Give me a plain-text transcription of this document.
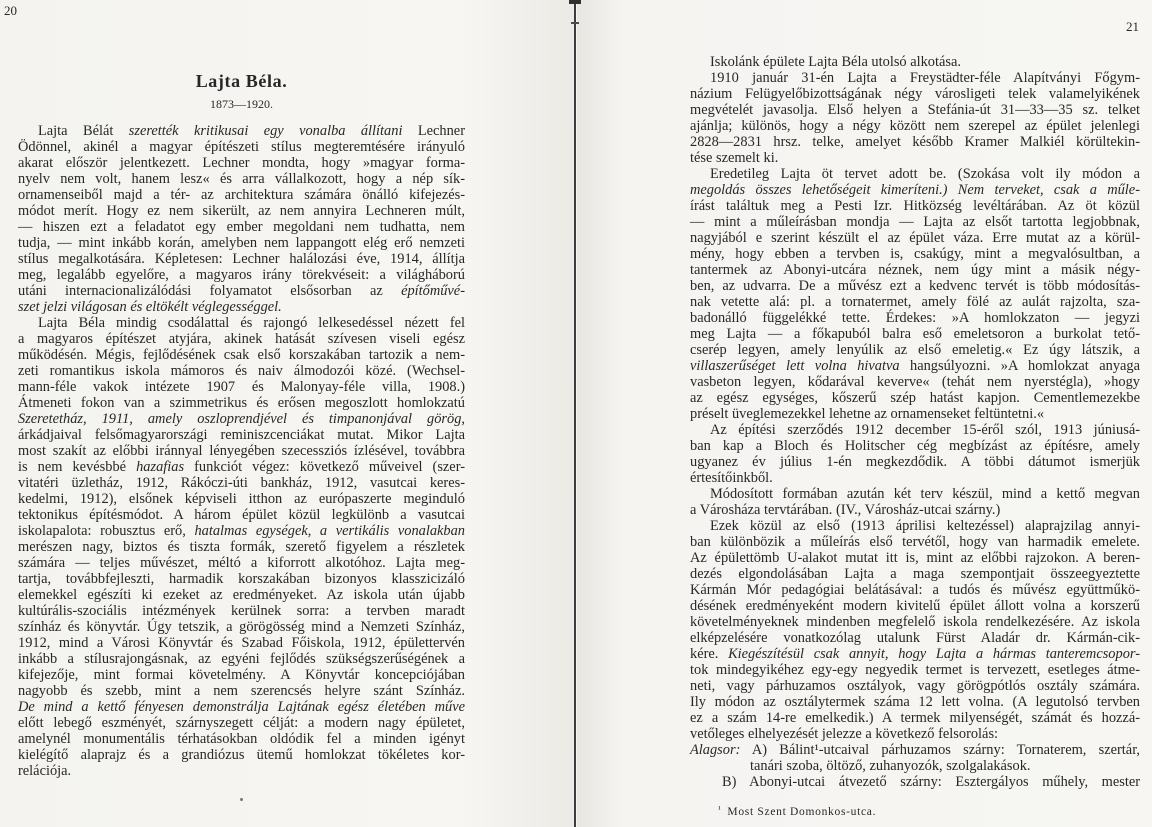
20
21
Lajta Béla.
1873—1920.
Lajta Bélát szerették kritikusai egy vonalba állítani Lechner
Ödönnel, akinél a magyar építészeti stílus megteremtésére irányuló
akarat először jelentkezett. Lechner mondta, hogy »magyar forma-
nyelv nem volt, hanem lesz« és arra vállalkozott, hogy a nép sík-
ornamenseiből majd a tér- az architektura számára önálló kifejezés-
módot merít. Hogy ez nem sikerült, az nem annyira Lechneren múlt,
— hiszen ezt a feladatot egy ember megoldani nem tudhatta, nem
tudja, — mint inkább korán, amelyben nem lappangott elég erő nemzeti
stílus megalkotására. Képletesen: Lechner halálozási éve, 1914, állítja
meg, legalább egyelőre, a magyaros irány törekvéseit: a világháború
utáni internacionalizálódási folyamatot elsősorban az építőművé-
szet jelzi világosan és eltökélt véglegességgel.
Lajta Béla mindig csodálattal és rajongó lelkesedéssel nézett fel
a magyaros építészet atyjára, akinek hatását szívesen viseli egész
működésén. Mégis, fejlődésének csak első korszakában tartozik a nem-
zeti romantikus iskola mámoros és naiv álmodozói közé. (Wechsel-
mann-féle vakok intézete 1907 és Malonyay-féle villa, 1908.)
Átmeneti fokon van a szimmetrikus és erősen megoszlott homlokzatú
Szeretetház, 1911, amely oszloprendjével és timpanonjával görög,
árkádjaival felsőmagyarországi reminiszcenciákat mutat. Mikor Lajta
most szakít az előbbi iránnyal lényegében szecessziós ízlésével, továbbra
is nem kevésbbé hazafias funkciót végez: következő műveivel (szer-
vitatéri üzletház, 1912, Rákóczi-úti bankház, 1912, vasutcai keres-
kedelmi, 1912), elsőnek képviseli itthon az európaszerte meginduló
tektonikus építésmódot. A három épület közül legkülönb a vasutcai
iskolapalota: robusztus erő, hatalmas egységek, a vertikális vonalakban
merészen nagy, biztos és tiszta formák, szerető figyelem a részletek
számára — teljes művészet, méltó a kiforrott alkotóhoz. Lajta meg-
tartja, továbbfejleszti, harmadik korszakában bizonyos klasszicizáló
elemekkel egészíti ki ezeket az eredményeket. Az iskola után újabb
kultúrális-szociális intézmények kerülnek sorra: a tervben maradt
színház és könyvtár. Úgy tetszik, a görögösség mind a Nemzeti Színház,
1912, mind a Városi Könyvtár és Szabad Főiskola, 1912, épülettervén
inkább a stílusrajongásnak, az egyéni fejlődés szükségszerűségének a
kifejezője, mint formai követelmény. A Könyvtár koncepciójában
nagyobb és szebb, mint a nem szerencsés helyre szánt Színház.
De mind a kettő fényesen demonstrálja Lajtának egész életében műve
előtt lebegő eszményét, szárnyszegett célját: a modern nagy épületet,
amelynél monumentális térhatásokban oldódik fel a minden igényt
kielégítő alaprajz és a grandiózus ütemű homlokzat tökéletes kor-
relációja.
Iskolánk épülete Lajta Béla utolsó alkotása.
1910 január 31-én Lajta a Freystädter-féle Alapítványi Főgym-
názium Felügyelőbizottságának négy városligeti telek valamelyikének
megvételét javasolja. Első helyen a Stefánia-út 31—33—35 sz. telket
ajánlja; különös, hogy a négy között nem szerepel az épület jelenlegi
2828—2831 hrsz. telke, amelyet később Kramer Malkiél körültekin-
tése szemelt ki.
Eredetileg Lajta öt tervet adott be. (Szokása volt ily módon a
megoldás összes lehetőségeit kimeríteni.) Nem terveket, csak a műle-
írást találtuk meg a Pesti Izr. Hitközség levéltárában. Az öt közül
— mint a műleírásban mondja — Lajta az elsőt tartotta legjobbnak,
nagyjából e szerint készült el az épület váza. Erre mutat az a körül-
mény, hogy ebben a tervben is, csakúgy, mint a megvalósultban, a
tantermek az Abonyi-utcára néznek, nem úgy mint a másik négy-
ben, az udvarra. De a művész ezt a kedvenc tervét is több módosítás-
nak vetette alá: pl. a tornatermet, amely fölé az aulát rajzolta, sza-
badonálló függelékké tette. Érdekes: »A homlokzaton — jegyzi
meg Lajta — a főkapuból balra eső emeletsoron a burkolat tető-
cserép legyen, amely lenyúlik az első emeletig.« Ez úgy látszik, a
villaszerűséget lett volna hivatva hangsúlyozni. »A homlokzat anyaga
vasbeton legyen, kődarával keverve« (tehát nem nyerstégla), »hogy
az egész egységes, kőszerű szép hatást kapjon. Cementlemezekbe
préselt üveglemezekkel lehetne az ornamenseket feltüntetni.«
Az építési szerződés 1912 december 15-éről szól, 1913 júniusá-
ban kap a Bloch és Holitscher cég megbízást az építésre, amely
ugyanez év július 1-én megkezdődik. A többi dátumot ismerjük
értesítőinkből.
Módosított formában azután két terv készül, mind a kettő megvan
a Városháza tervtárában. (IV., Városház-utcai szárny.)
Ezek közül az első (1913 áprilisi keltezéssel) alaprajzilag annyi-
ban különbözik a műleírás első tervétől, hogy van harmadik emelete.
Az épülettömb U-alakot mutat itt is, mint az előbbi rajzokon. A beren-
dezés elgondolásában Lajta a maga szempontjait összeegyeztette
Kármán Mór pedagógiai belátásával: a tudós és művész együttműkö-
désének eredményeként modern kivitelű épület állott volna a korszerű
követelményeknek mindenben megfelelő iskola rendelkezésére. Az iskola
elképzelésére vonatkozólag utalunk Fürst Aladár dr. Kármán-cik-
kére. Kiegészítésül csak annyit, hogy Lajta a hármas tanteremcsopor-
tok mindegyikéhez egy-egy negyedik termet is tervezett, esetleges átme-
neti, vagy párhuzamos osztályok, vagy görögpótlós osztály számára.
Ily módon az osztálytermek száma 12 lett volna. (A legutolsó tervben
ez a szám 14-re emelkedik.) A termek milyenségét, számát és hozzá-
vetőleges elhelyezését jelezze a következő felsorolás:
Alagsor: A) Bálint¹-utcaival párhuzamos szárny: Tornaterem, szertár,
tanári szoba, öltöző, zuhanyozók, szolgalakások.
B) Abonyi-utcai átvezető szárny: Esztergályos műhely, mester
$^{^1}$ Most Szent Domonkos-utca.
